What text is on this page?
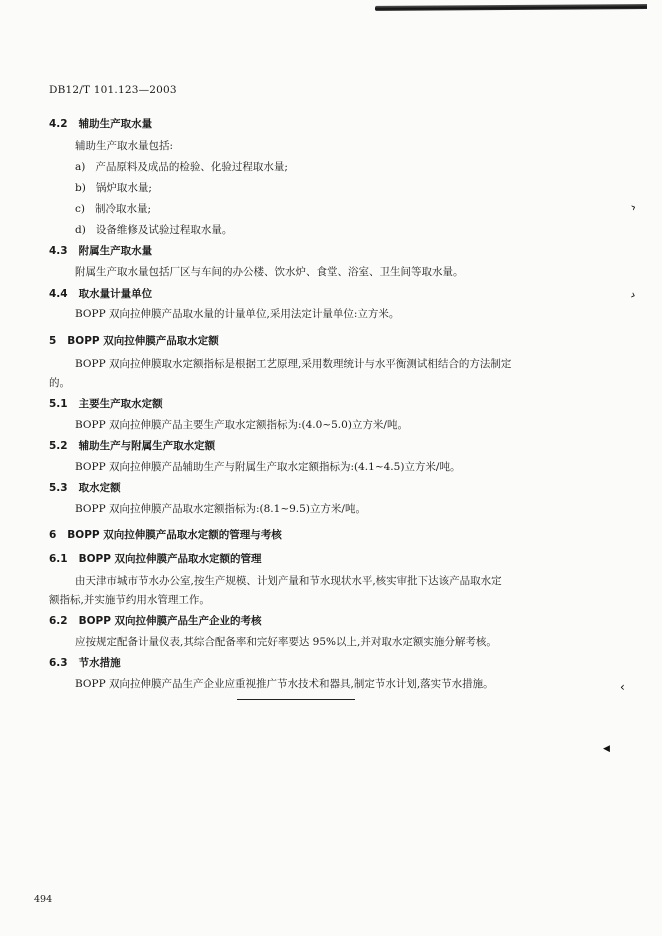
DB12/T 101.123—2003
4.2 辅助生产取水量
辅助生产取水量包括:
a) 产品原料及成品的检验、化验过程取水量;
b) 锅炉取水量;
c) 制冷取水量;
d) 设备维修及试验过程取水量。
4.3 附属生产取水量
附属生产取水量包括厂区与车间的办公楼、饮水炉、食堂、浴室、卫生间等取水量。
4.4 取水量计量单位
BOPP 双向拉伸膜产品取水量的计量单位,采用法定计量单位:立方米。
5 BOPP 双向拉伸膜产品取水定额
BOPP 双向拉伸膜取水定额指标是根据工艺原理,采用数理统计与水平衡测试相结合的方法制定
的。
5.1 主要生产取水定额
BOPP 双向拉伸膜产品主要生产取水定额指标为:(4.0~5.0)立方米/吨。
5.2 辅助生产与附属生产取水定额
BOPP 双向拉伸膜产品辅助生产与附属生产取水定额指标为:(4.1~4.5)立方米/吨。
5.3 取水定额
BOPP 双向拉伸膜产品取水定额指标为:(8.1~9.5)立方米/吨。
6 BOPP 双向拉伸膜产品取水定额的管理与考核
6.1 BOPP 双向拉伸膜产品取水定额的管理
由天津市城市节水办公室,按生产规模、计划产量和节水现状水平,核实审批下达该产品取水定
额指标,并实施节约用水管理工作。
6.2 BOPP 双向拉伸膜产品生产企业的考核
应按规定配备计量仪表,其综合配备率和完好率要达 95%以上,并对取水定额实施分解考核。
6.3 节水措施
BOPP 双向拉伸膜产品生产企业应重视推广节水技术和器具,制定节水计划,落实节水措施。
›
›
‹
◀
494
